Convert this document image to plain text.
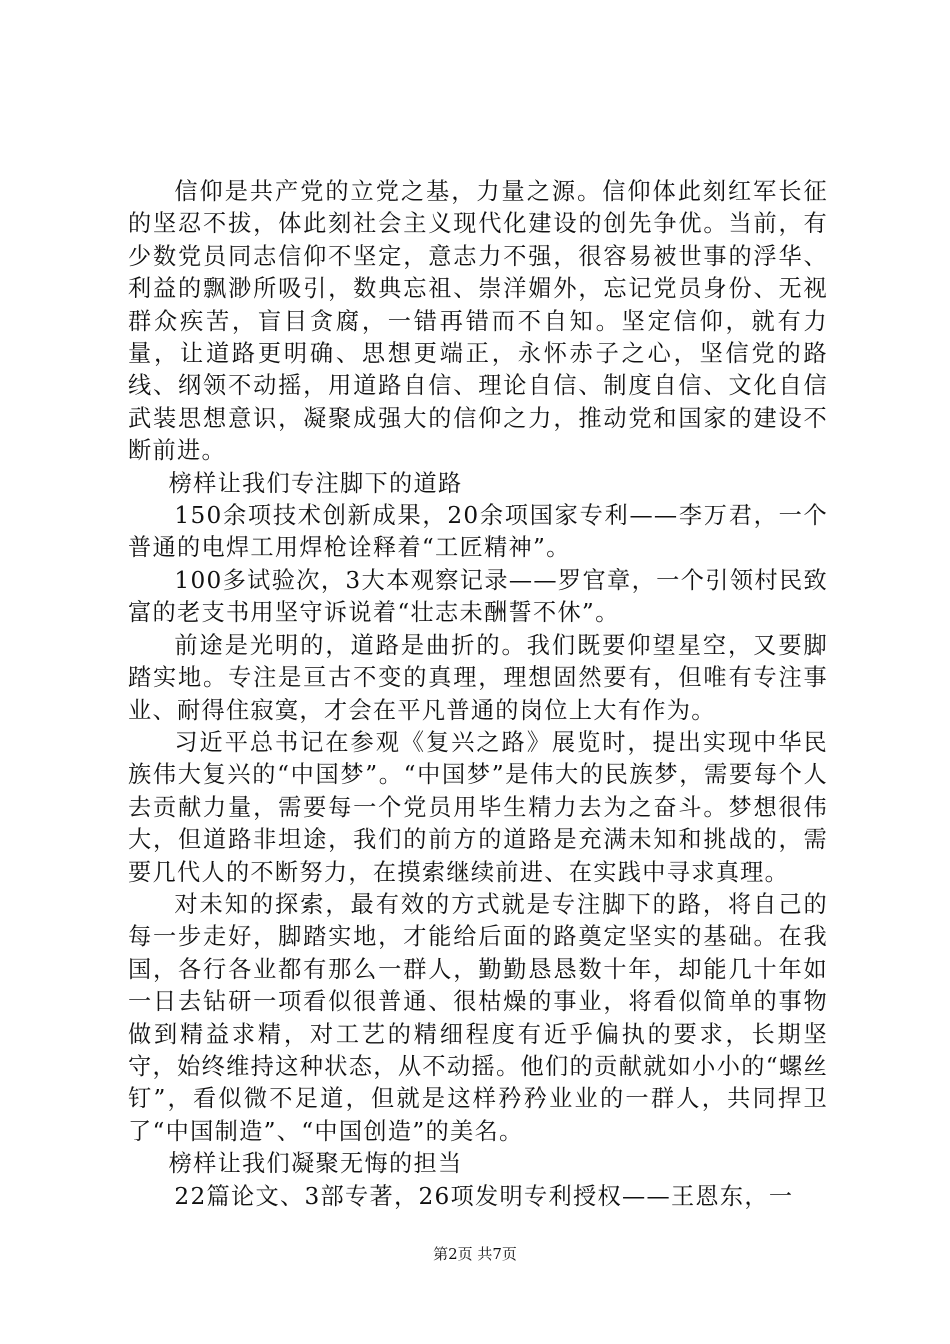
信仰是共产党的立党之基，力量之源。信仰体此刻红军长征的坚忍不拔，体此刻社会主义现代化建设的创先争优。当前，有少数党员同志信仰不坚定，意志力不强，很容易被世事的浮华、利益的飘渺所吸引，数典忘祖、崇洋媚外，忘记党员身份、无视群众疾苦，盲目贪腐，一错再错而不自知。坚定信仰，就有力量，让道路更明确、思想更端正，永怀赤子之心，坚信党的路线、纲领不动摇，用道路自信、理论自信、制度自信、文化自信武装思想意识，凝聚成强大的信仰之力，推动党和国家的建设不断前进。

榜样让我们专注脚下的道路

150余项技术创新成果，20余项国家专利——李万君，一个普通的电焊工用焊枪诠释着“工匠精神”。

100多试验次，3大本观察记录——罗官章，一个引领村民致富的老支书用坚守诉说着“壮志未酬誓不休”。

前途是光明的，道路是曲折的。我们既要仰望星空，又要脚踏实地。专注是亘古不变的真理，理想固然要有，但唯有专注事业、耐得住寂寞，才会在平凡普通的岗位上大有作为。

习近平总书记在参观《复兴之路》展览时，提出实现中华民族伟大复兴的“中国梦”。“中国梦”是伟大的民族梦，需要每个人去贡献力量，需要每一个党员用毕生精力去为之奋斗。梦想很伟大，但道路非坦途，我们的前方的道路是充满未知和挑战的，需要几代人的不断努力，在摸索继续前进、在实践中寻求真理。

对未知的探索，最有效的方式就是专注脚下的路，将自己的每一步走好，脚踏实地，才能给后面的路奠定坚实的基础。在我国，各行各业都有那么一群人，勤勤恳恳数十年，却能几十年如一日去钻研一项看似很普通、很枯燥的事业，将看似简单的事物做到精益求精，对工艺的精细程度有近乎偏执的要求，长期坚守，始终维持这种状态，从不动摇。他们的贡献就如小小的“螺丝钉”，看似微不足道，但就是这样矜矜业业的一群人，共同捍卫了“中国制造”、“中国创造”的美名。

榜样让我们凝聚无悔的担当

22篇论文、3部专著，26项发明专利授权——王恩东，一

第2页 共7页
